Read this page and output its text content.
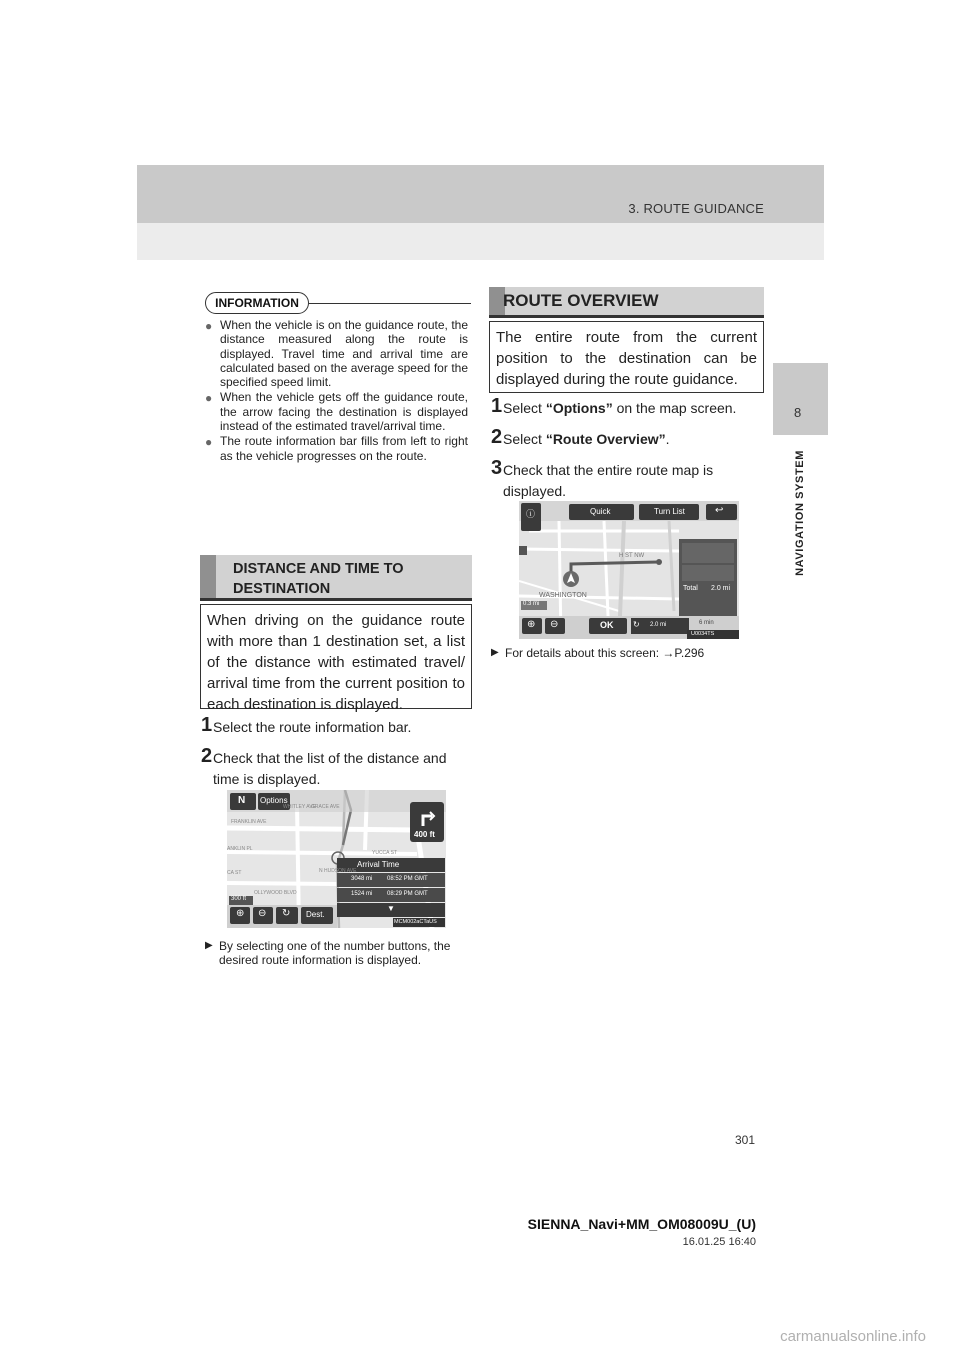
3. ROUTE GUIDANCE
8
NAVIGATION SYSTEM
INFORMATION
● When the vehicle is on the guidance route, the distance measured along the route is displayed. Travel time and arrival time are calculated based on the average speed for the specified speed limit.
● When the vehicle gets off the guidance route, the arrow facing the destination is displayed instead of the estimated travel/arrival time.
● The route information bar fills from left to right as the vehicle progresses on the route.
DISTANCE AND TIME TO
DESTINATION
When driving on the guidance route with more than 1 destination set, a list of the distance with estimated travel/ arrival time from the current position to each destination is displayed.
1 Select the route information bar.
2 Check that the list of the distance and time is displayed.
N Options
400 ft
Arrival Time
3048 mi 08:52 PM GMT
1524 mi 08:29 PM GMT
▼
300 ft
⊕ ⊖ ↻ Dest.
FRANKLIN AVE
ANKLIN PL
CA ST
OLLYWOOD BLVD
YUCCA ST
WHITLEY AVE
GRACE AVE
N HUDSON AVE
MCM002aCTaUS
▶ By selecting one of the number buttons, the desired route information is displayed.
ROUTE OVERVIEW
The entire route from the current position to the destination can be displayed during the route guidance.
1 Select “Options” on the map screen.
2 Select “Route Overview”.
3 Check that the entire route map is displayed.
ⓘ	Quick	Turn List	↩
H ST NW
WASHINGTON
0.3 mi
Total 2.0 mi
⊕ ⊖	OK ↻ 2.0 mi	6 min
U0034TS
▶ For details about this screen: →P.296
301
SIENNA_Navi+MM_OM08009U_(U)
16.01.25 16:40
carmanualsonline.info
